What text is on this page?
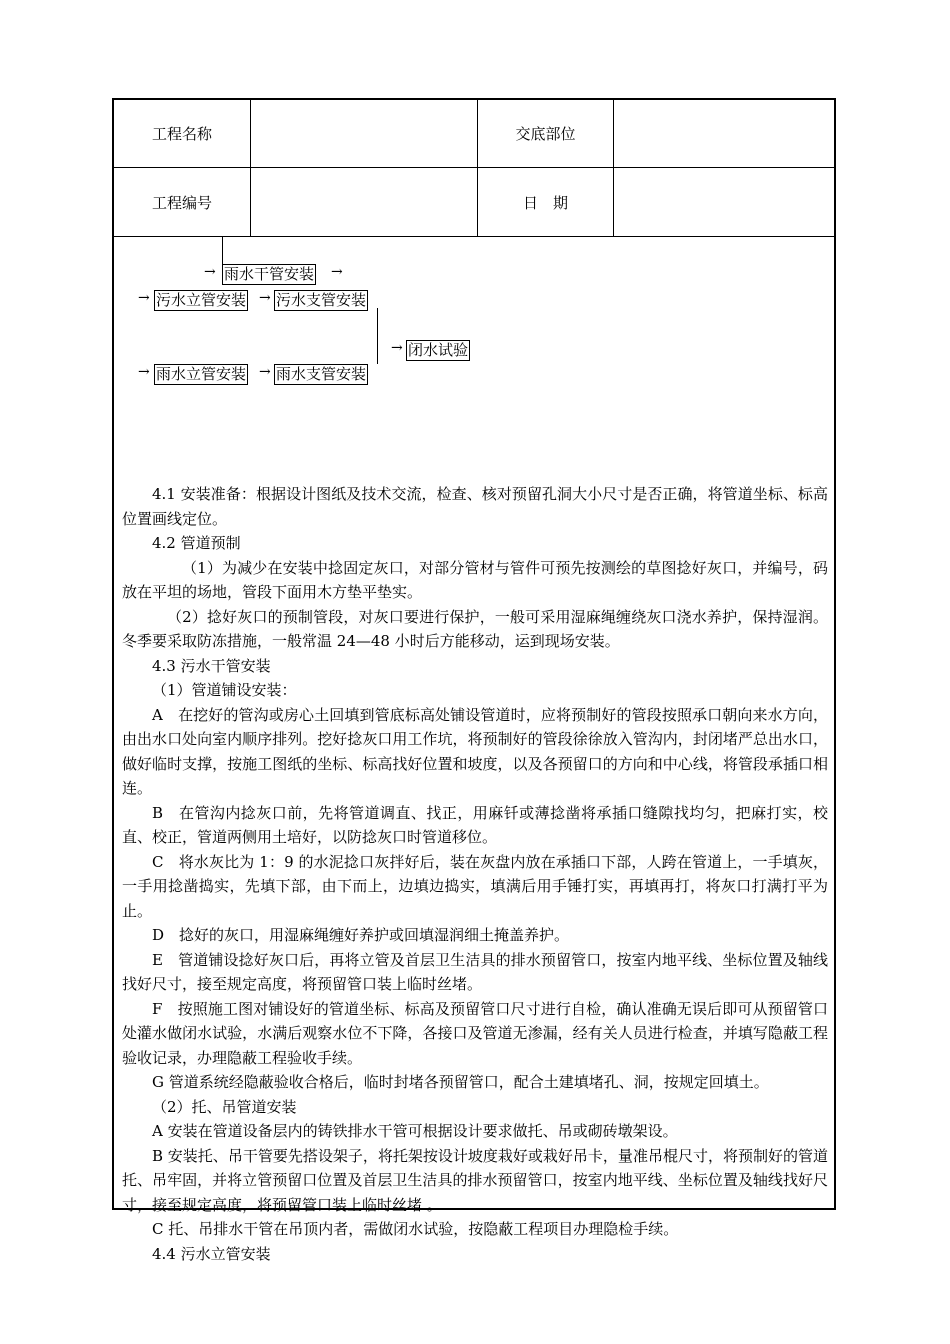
工程名称	交底部位
工程编号	日　期
→ 雨水干管安装 →
→ 污水立管安装 → 污水支管安装
→ 闭水试验
→ 雨水立管安装 → 雨水支管安装

4.1 安装准备：根据设计图纸及技术交流，检查、核对预留孔洞大小尺寸是否正确，将管道坐标、标高位置画线定位。

4.2 管道预制

（1）为减少在安装中捻固定灰口，对部分管材与管件可预先按测绘的草图捻好灰口，并编号，码放在平坦的场地，管段下面用木方垫平垫实。

（2）捻好灰口的预制管段，对灰口要进行保护，一般可采用湿麻绳缠绕灰口浇水养护，保持湿润。冬季要采取防冻措施，一般常温 24—48 小时后方能移动，运到现场安装。

4.3 污水干管安装

（1）管道铺设安装：

A　在挖好的管沟或房心土回填到管底标高处铺设管道时，应将预制好的管段按照承口朝向来水方向，由出水口处向室内顺序排列。挖好捻灰口用工作坑，将预制好的管段徐徐放入管沟内，封闭堵严总出水口，做好临时支撑，按施工图纸的坐标、标高找好位置和坡度，以及各预留口的方向和中心线，将管段承插口相连。

B　在管沟内捻灰口前，先将管道调直、找正，用麻钎或薄捻凿将承插口缝隙找均匀，把麻打实，校直、校正，管道两侧用土培好，以防捻灰口时管道移位。

C　将水灰比为 1：9 的水泥捻口灰拌好后，装在灰盘内放在承插口下部，人跨在管道上，一手填灰，一手用捻凿捣实，先填下部，由下而上，边填边捣实，填满后用手锤打实，再填再打，将灰口打满打平为止。

D　捻好的灰口，用湿麻绳缠好养护或回填湿润细土掩盖养护。

E　管道铺设捻好灰口后，再将立管及首层卫生洁具的排水预留管口，按室内地平线、坐标位置及轴线找好尺寸，接至规定高度，将预留管口装上临时丝堵。

F　按照施工图对铺设好的管道坐标、标高及预留管口尺寸进行自检，确认准确无误后即可从预留管口处灌水做闭水试验，水满后观察水位不下降，各接口及管道无渗漏，经有关人员进行检查，并填写隐蔽工程验收记录，办理隐蔽工程验收手续。

G 管道系统经隐蔽验收合格后，临时封堵各预留管口，配合土建填堵孔、洞，按规定回填土。

（2）托、吊管道安装

A 安装在管道设备层内的铸铁排水干管可根据设计要求做托、吊或砌砖墩架设。

B 安装托、吊干管要先搭设架子，将托架按设计坡度栽好或栽好吊卡，量准吊棍尺寸，将预制好的管道托、吊牢固，并将立管预留口位置及首层卫生洁具的排水预留管口，按室内地平线、坐标位置及轴线找好尺寸，接至规定高度，将预留管口装上临时丝堵 。

C 托、吊排水干管在吊顶内者，需做闭水试验，按隐蔽工程项目办理隐检手续。

4.4 污水立管安装
